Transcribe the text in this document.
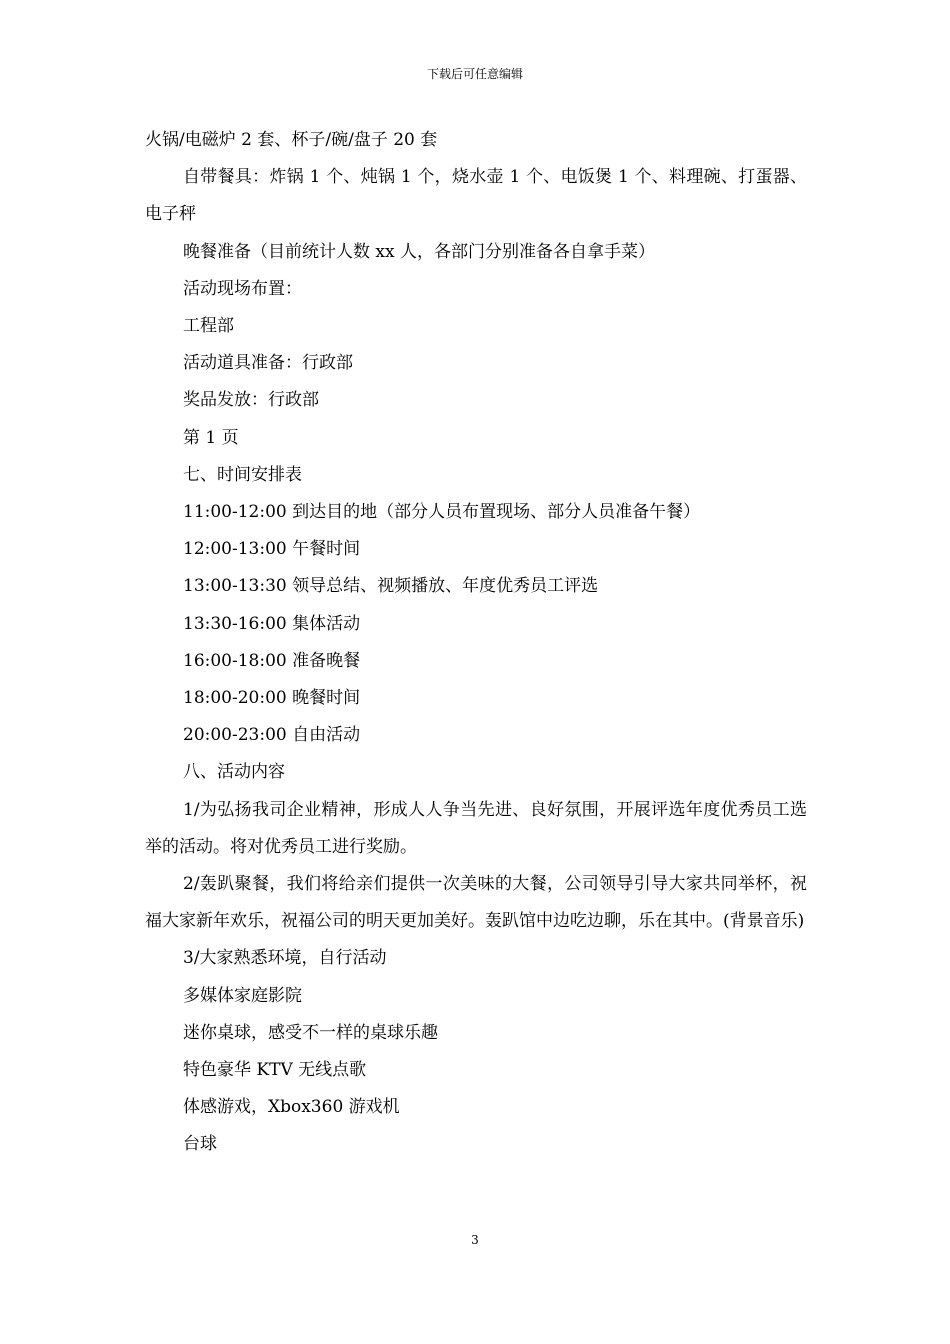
下载后可任意编辑

火锅/电磁炉 2 套、杯子/碗/盘子 20 套

自带餐具：炸锅 1 个、炖锅 1 个，烧水壶 1 个、电饭煲 1 个、料理碗、打蛋器、电子秤

晚餐准备（目前统计人数 xx 人，各部门分别准备各自拿手菜）

活动现场布置：

工程部

活动道具准备：行政部

奖品发放：行政部

第 1 页

七、时间安排表

11:00-12:00 到达目的地（部分人员布置现场、部分人员准备午餐）

12:00-13:00 午餐时间

13:00-13:30 领导总结、视频播放、年度优秀员工评选

13:30-16:00 集体活动

16:00-18:00 准备晚餐

18:00-20:00 晚餐时间

20:00-23:00 自由活动

八、活动内容

1/为弘扬我司企业精神，形成人人争当先进、良好氛围，开展评选年度优秀员工选举的活动。将对优秀员工进行奖励。

2/轰趴聚餐，我们将给亲们提供一次美味的大餐，公司领导引导大家共同举杯，祝福大家新年欢乐，祝福公司的明天更加美好。轰趴馆中边吃边聊，乐在其中。(背景音乐)

3/大家熟悉环境，自行活动

多媒体家庭影院

迷你桌球，感受不一样的桌球乐趣

特色豪华 KTV 无线点歌

体感游戏，Xbox360 游戏机

台球

3
